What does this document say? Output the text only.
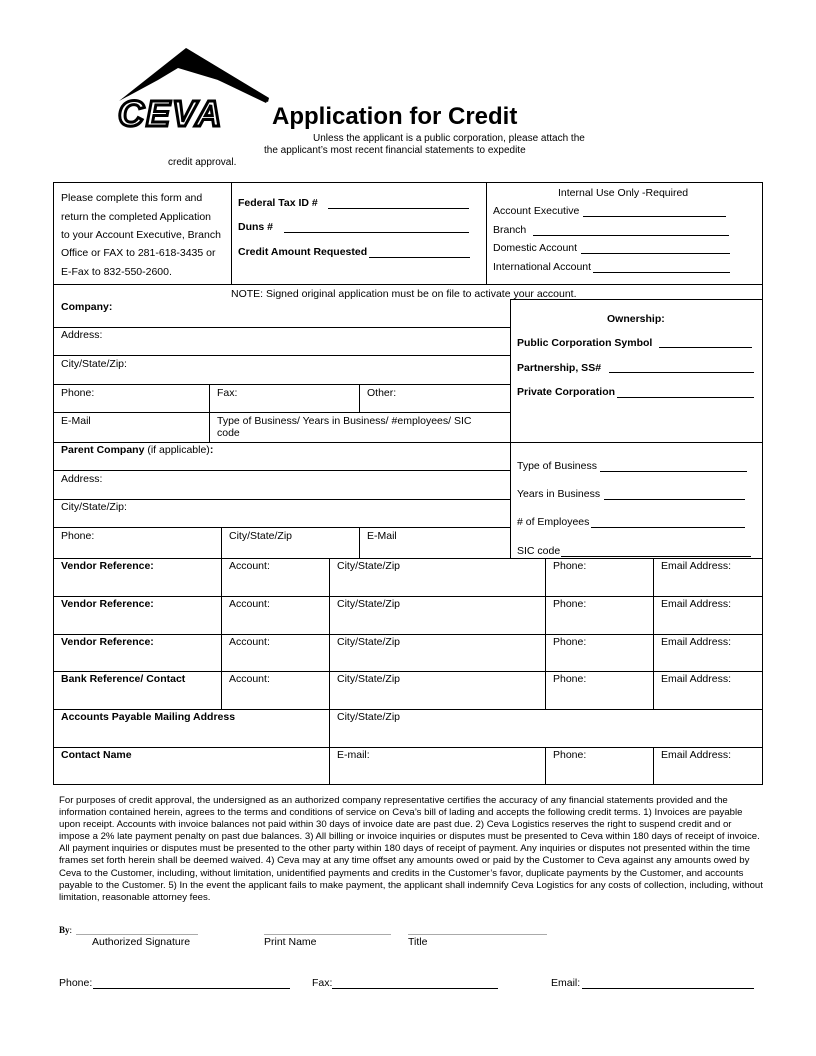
CEVA Application for Credit
Unless the applicant is a public corporation, please attach the
the applicant’s most recent financial statements to expedite
credit approval.
Please complete this form and
return the completed Application
to your Account Executive, Branch
Office or FAX to 281-618-3435 or
E-Fax to 832-550-2600.
Federal Tax ID #
Duns #
Credit Amount Requested
Internal Use Only -Required
Account Executive
Branch
Domestic Account
International Account
NOTE: Signed original application must be on file to activate your account.
Company:
Address:
City/State/Zip:
Phone:	Fax:	Other:
E-Mail	Type of Business/ Years in Business/ #employees/ SIC
code
Ownership:
Public Corporation Symbol
Partnership, SS#
Private Corporation
Parent Company (if applicable):
Address:
City/State/Zip:
Phone:	City/State/Zip	E-Mail
Type of Business
Years in Business
# of Employees
SIC code
Vendor Reference:	Account:	City/State/Zip	Phone:	Email Address:
Vendor Reference:	Account:	City/State/Zip	Phone:	Email Address:
Vendor Reference:	Account:	City/State/Zip	Phone:	Email Address:
Bank Reference/ Contact	Account:	City/State/Zip	Phone:	Email Address:
Accounts Payable Mailing Address	City/State/Zip
Contact Name	E-mail:	Phone:	Email Address:
For purposes of credit approval, the undersigned as an authorized company representative certifies the accuracy of any financial statements provided and the information contained herein, agrees to the terms and conditions of service on Ceva’s bill of lading and accepts the following credit terms. 1) Invoices are payable upon receipt. Accounts with invoice balances not paid within 30 days of invoice date are past due. 2) Ceva Logistics reserves the right to suspend credit and or impose a 2% late payment penalty on past due balances. 3) All billing or invoice inquiries or disputes must be presented to Ceva within 180 days of receipt of invoice. All payment inquiries or disputes must be presented to the other party within 180 days of receipt of payment. Any inquiries or disputes not presented within the time frames set forth herein shall be deemed waived. 4) Ceva may at any time offset any amounts owed or paid by the Customer to Ceva against any amounts owed by Ceva to the Customer, including, without limitation, unidentified payments and credits in the Customer’s favor, duplicate payments by the Customer, and accounts payable to the Customer. 5) In the event the applicant fails to make payment, the applicant shall indemnify Ceva Logistics for any costs of collection, including, without limitation, reasonable attorney fees.
By:
Authorized Signature	Print Name	Title
Phone:	Fax:	Email:
